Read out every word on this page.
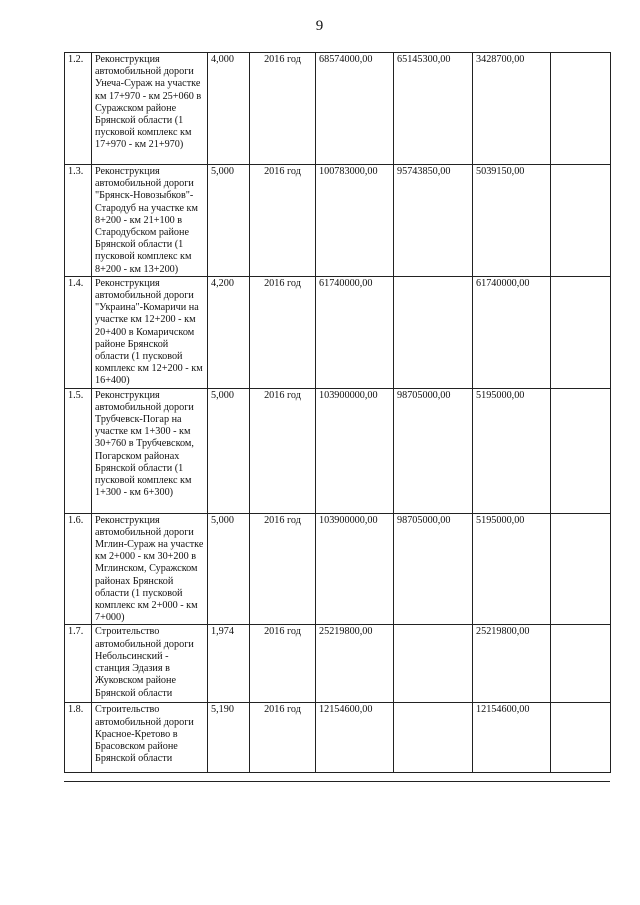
9
1.2.	Реконструкция автомобильной дороги Унеча-Сураж на участке км 17+970 - км 25+060 в Суражском районе Брянской области (1 пусковой комплекс км 17+970 - км 21+970)	4,000	2016 год	68574000,00	65145300,00	3428700,00	
1.3.	Реконструкция автомобильной дороги "Брянск-Новозыбков"-Стародуб на участке км 8+200 - км 21+100 в Стародубском районе Брянской области (1 пусковой комплекс км 8+200 - км 13+200)	5,000	2016 год	100783000,00	95743850,00	5039150,00	
1.4.	Реконструкция автомобильной дороги "Украина"-Комаричи на участке км 12+200 - км 20+400 в Комаричском районе Брянской области (1 пусковой комплекс км 12+200 - км 16+400)	4,200	2016 год	61740000,00		61740000,00	
1.5.	Реконструкция автомобильной дороги Трубчевск-Погар на участке км 1+300 - км 30+760 в Трубчевском, Погарском районах Брянской области (1 пусковой комплекс км 1+300 - км 6+300)	5,000	2016 год	103900000,00	98705000,00	5195000,00	
1.6.	Реконструкция автомобильной дороги Мглин-Сураж на участке км 2+000 - км 30+200 в Мглинском, Суражском районах Брянской области (1 пусковой комплекс км 2+000 - км 7+000)	5,000	2016 год	103900000,00	98705000,00	5195000,00	
1.7.	Строительство автомобильной дороги Небольсинский - станция Эдазия в Жуковском районе Брянской области	1,974	2016 год	25219800,00		25219800,00	
1.8.	Строительство автомобильной дороги Красное-Кретово в Брасовском районе Брянской области	5,190	2016 год	12154600,00		12154600,00	
